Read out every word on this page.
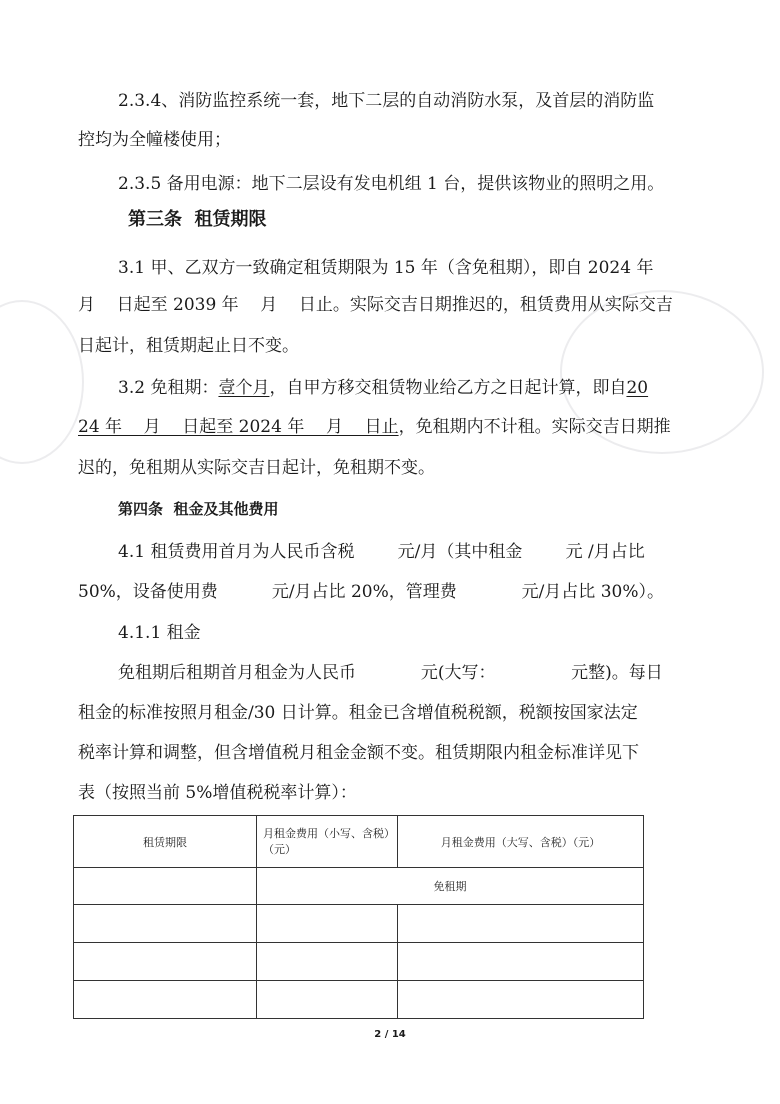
2.3.4、消防监控系统一套，地下二层的自动消防水泵，及首层的消防监
控均为全幢楼使用；
2.3.5 备用电源：地下二层设有发电机组 1 台，提供该物业的照明之用。
第三条  租赁期限
3.1 甲、乙双方一致确定租赁期限为 15 年（含免租期），即自 2024 年
月    日起至 2039 年    月    日止。实际交吉日期推迟的，租赁费用从实际交吉
日起计，租赁期起止日不变。
3.2 免租期：壹个月，自甲方移交租赁物业给乙方之日起计算，即自20
24 年    月    日起至 2024 年    月    日止，免租期内不计租。实际交吉日期推
迟的，免租期从实际交吉日起计，免租期不变。
第四条  租金及其他费用
4.1 租赁费用首月为人民币含税        元/月（其中租金        元 /月占比
50%，设备使用费          元/月占比 20%，管理费            元/月占比 30%）。
4.1.1 租金
免租期后租期首月租金为人民币            元(大写：              元整)。每日
租金的标准按照月租金/30 日计算。租金已含增值税税额，税额按国家法定
税率计算和调整，但含增值税月租金金额不变。租赁期限内租金标准详见下
表（按照当前 5%增值税税率计算）：
租赁期限	月租金费用（小写、含税）（元）	月租金费用（大写、含税）（元）
	免租期	

2 / 14
